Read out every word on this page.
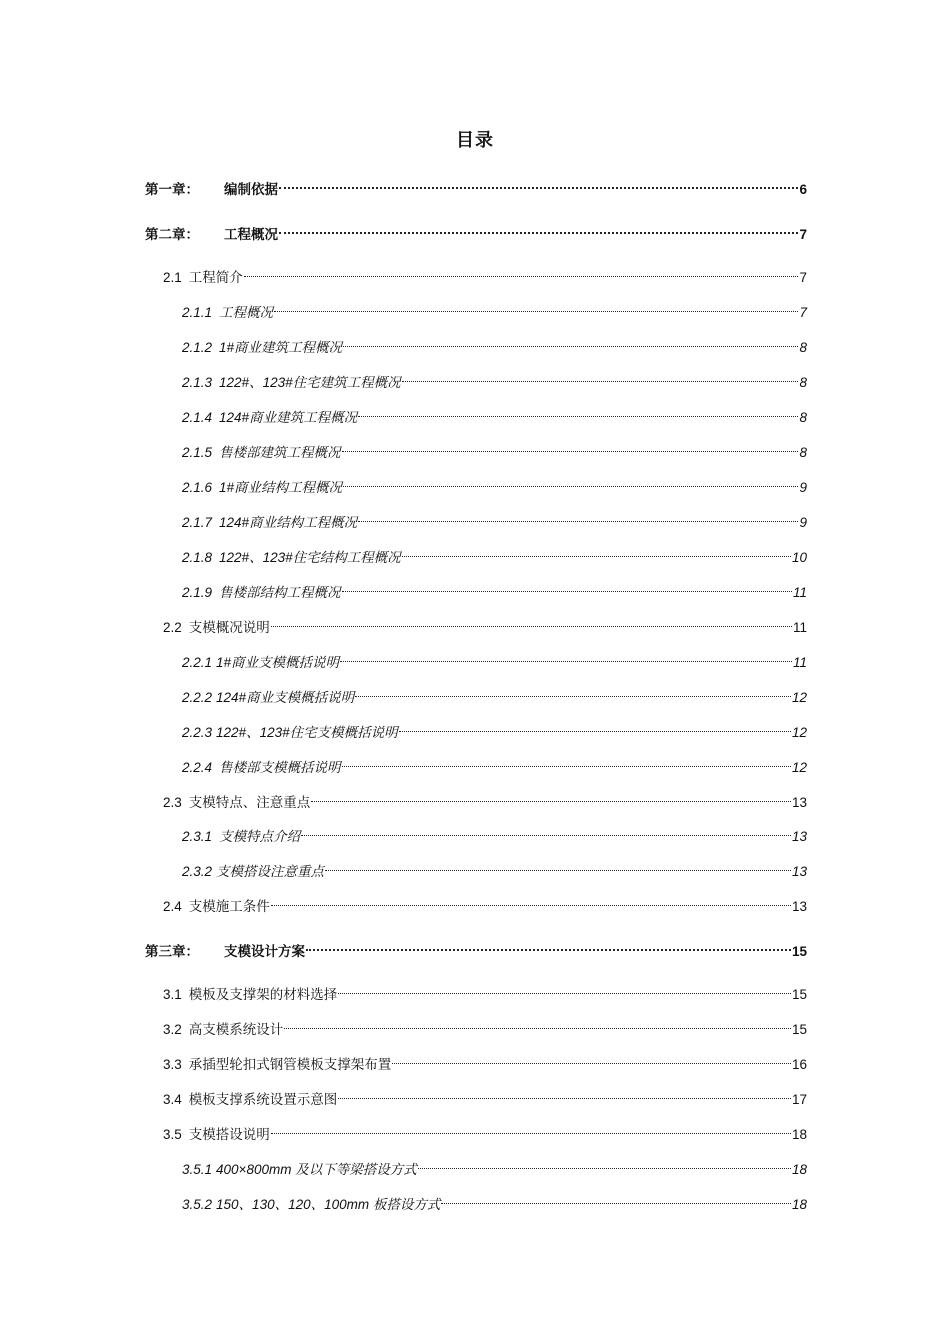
目录
第一章：	编制依据	6
第二章：	工程概况	7
2.1 工程简介	7
2.1.1 工程概况	7
2.1.2 1#商业建筑工程概况	8
2.1.3 122#、123#住宅建筑工程概况	8
2.1.4 124#商业建筑工程概况	8
2.1.5 售楼部建筑工程概况	8
2.1.6 1#商业结构工程概况	9
2.1.7 124#商业结构工程概况	9
2.1.8 122#、123#住宅结构工程概况	10
2.1.9 售楼部结构工程概况	11
2.2 支模概况说明	11
2.2.1 1#商业支模概括说明	11
2.2.2 124#商业支模概括说明	12
2.2.3 122#、123#住宅支模概括说明	12
2.2.4 售楼部支模概括说明	12
2.3 支模特点、注意重点	13
2.3.1 支模特点介绍	13
2.3.2 支模搭设注意重点	13
2.4 支模施工条件	13
第三章：	支模设计方案	15
3.1 模板及支撑架的材料选择	15
3.2 高支模系统设计	15
3.3 承插型轮扣式钢管模板支撑架布置	16
3.4 模板支撑系统设置示意图	17
3.5 支模搭设说明	18
3.5.1 400×800mm 及以下等梁搭设方式	18
3.5.2 150、130、120、100mm 板搭设方式	18
